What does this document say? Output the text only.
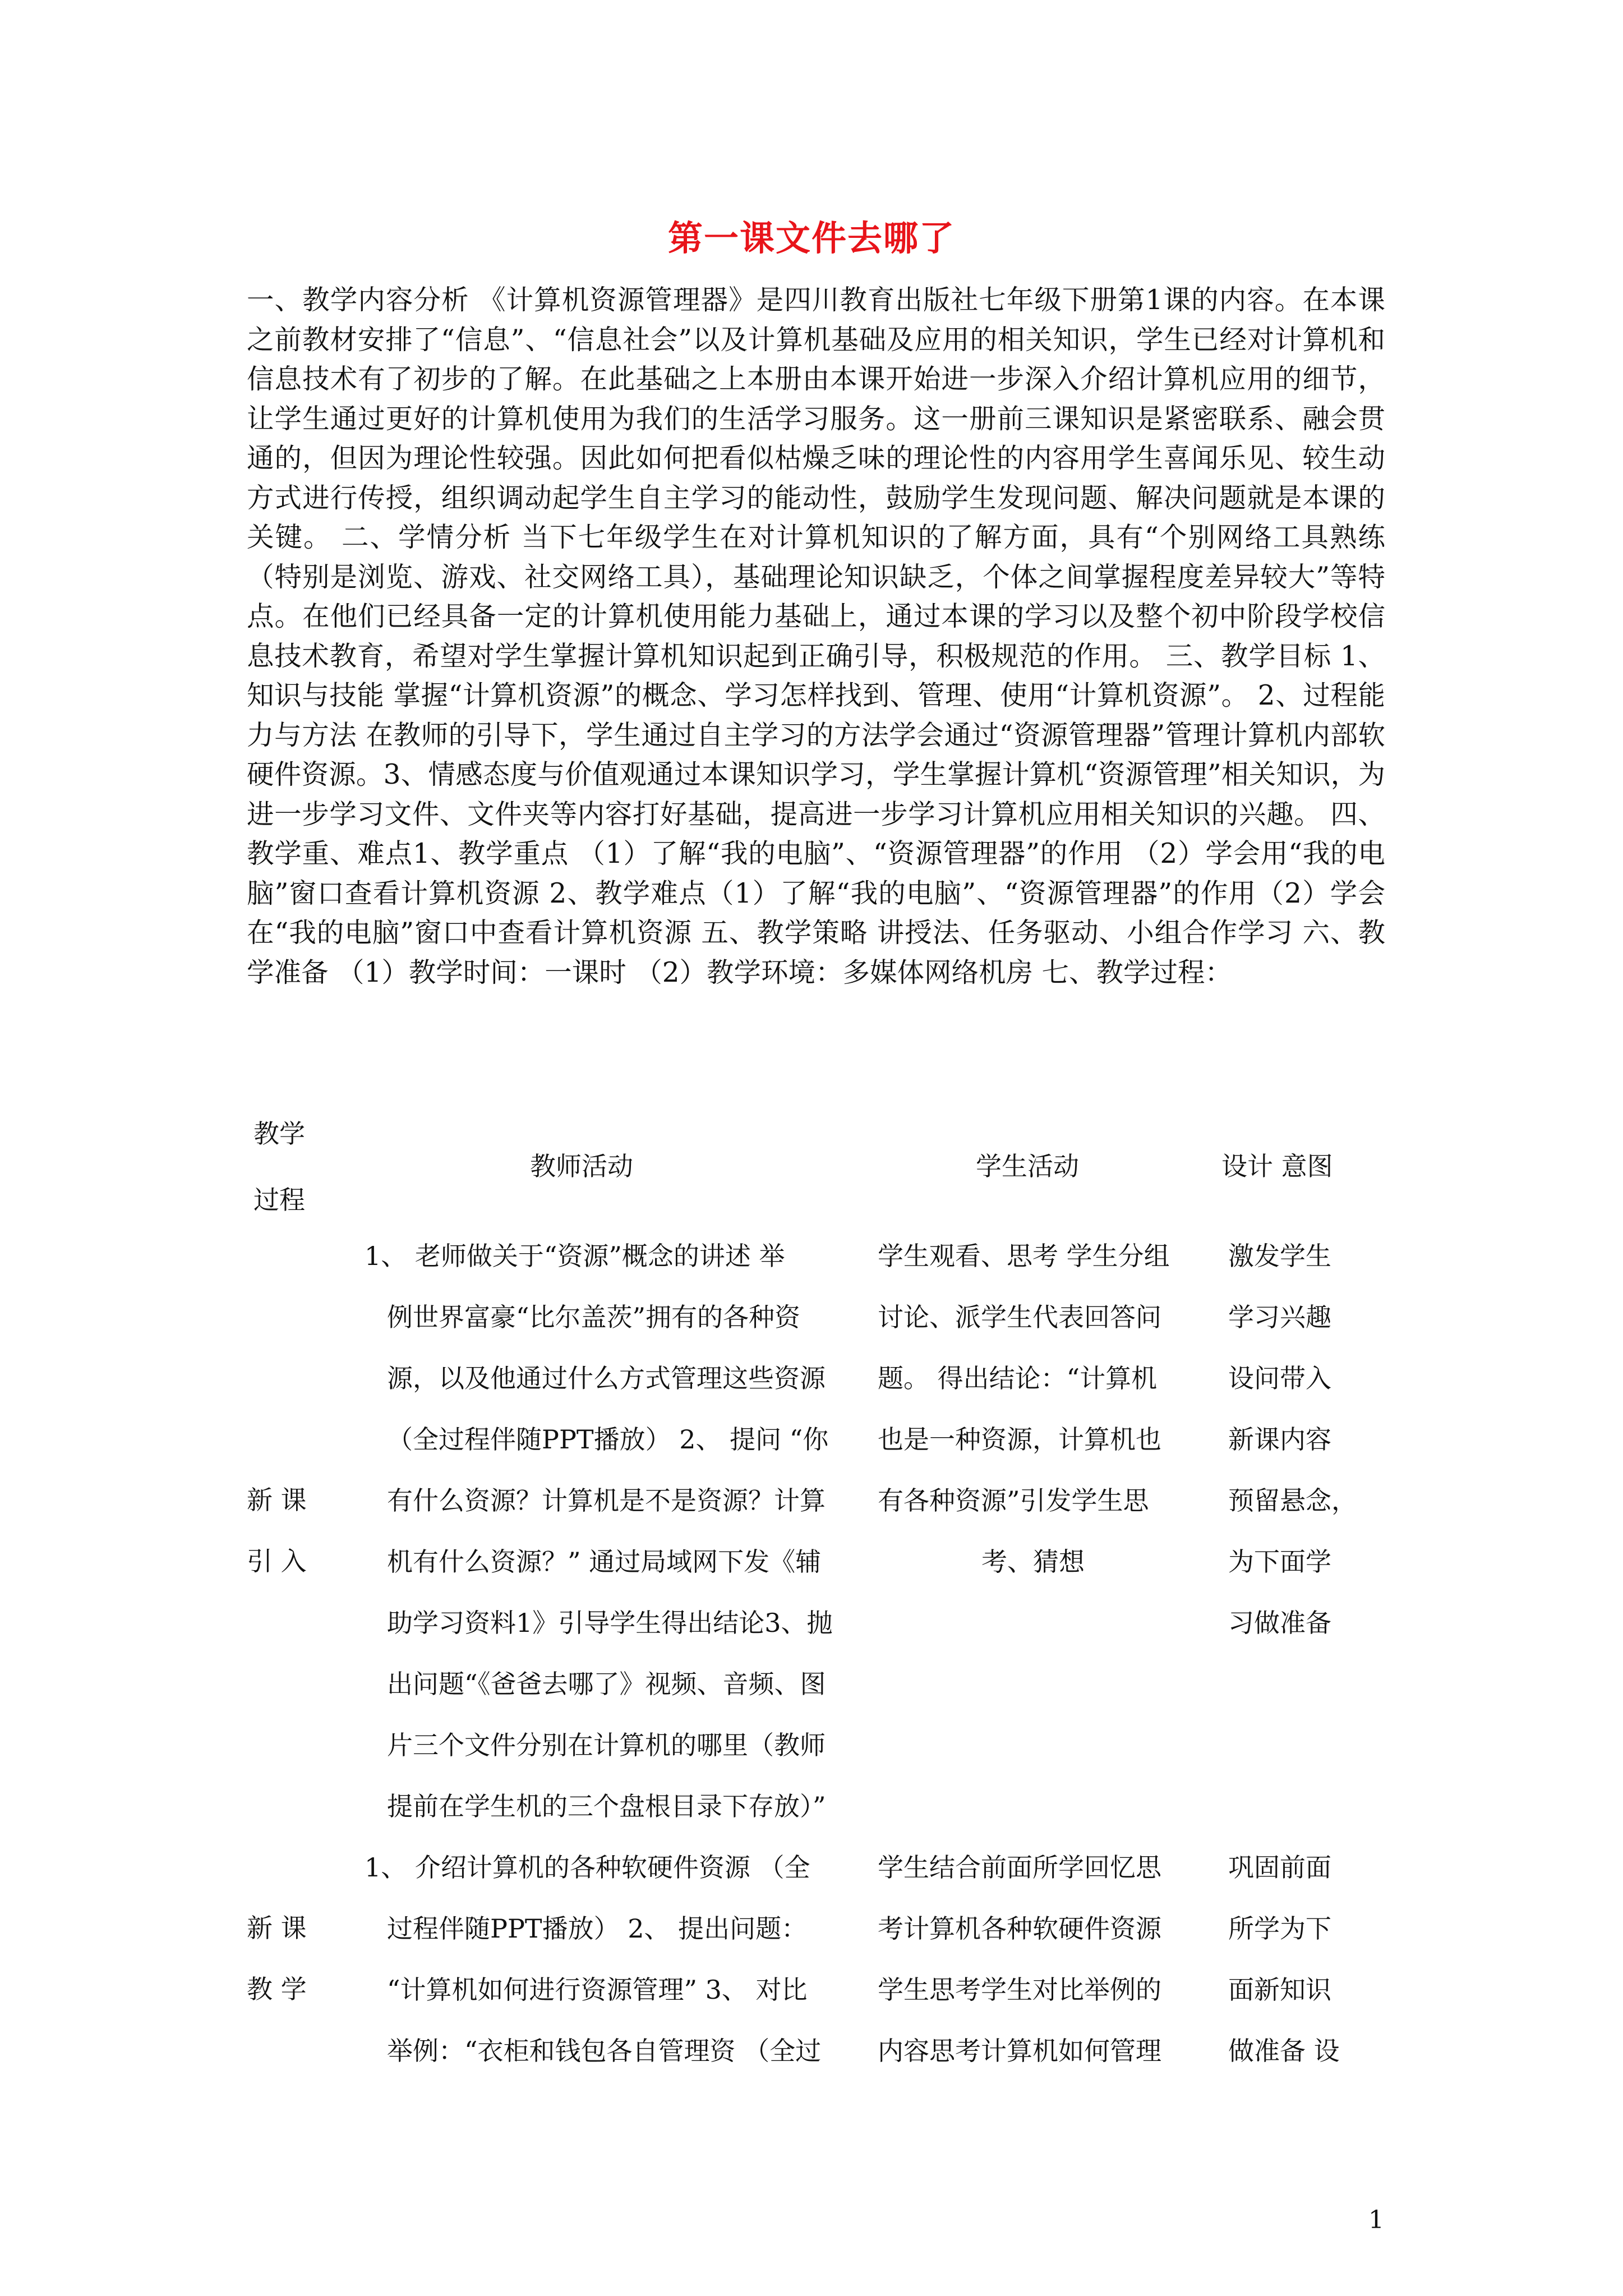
第一课文件去哪了

一、教学内容分析 《计算机资源管理器》是四川教育出版社七年级下册第1课的内容。在本课之前教材安排了“信息”、“信息社会”以及计算机基础及应用的相关知识，学生已经对计算机和信息技术有了初步的了解。在此基础之上本册由本课开始进一步深入介绍计算机应用的细节，让学生通过更好的计算机使用为我们的生活学习服务。这一册前三课知识是紧密联系、融会贯通的，但因为理论性较强。因此如何把看似枯燥乏味的理论性的内容用学生喜闻乐见、较生动方式进行传授，组织调动起学生自主学习的能动性，鼓励学生发现问题、解决问题就是本课的关键。 二、学情分析 当下七年级学生在对计算机知识的了解方面，具有“个别网络工具熟练（特别是浏览、游戏、社交网络工具），基础理论知识缺乏，个体之间掌握程度差异较大”等特点。在他们已经具备一定的计算机使用能力基础上，通过本课的学习以及整个初中阶段学校信息技术教育，希望对学生掌握计算机知识起到正确引导，积极规范的作用。 三、教学目标 1、知识与技能 掌握“计算机资源”的概念、学习怎样找到、管理、使用“计算机资源”。 2、过程能力与方法 在教师的引导下，学生通过自主学习的方法学会通过“资源管理器”管理计算机内部软硬件资源。3、情感态度与价值观通过本课知识学习，学生掌握计算机“资源管理”相关知识，为进一步学习文件、文件夹等内容打好基础，提高进一步学习计算机应用相关知识的兴趣。 四、教学重、难点1、教学重点 （1）了解“我的电脑”、“资源管理器”的作用 （2）学会用“我的电脑”窗口查看计算机资源 2、教学难点（1）了解“我的电脑”、“资源管理器”的作用（2）学会在“我的电脑”窗口中查看计算机资源 五、教学策略 讲授法、任务驱动、小组合作学习 六、教学准备 （1）教学时间：一课时 （2）教学环境：多媒体网络机房 七、教学过程：

教学
过程
教师活动	学生活动	设计 意图
新 课
引 入
1、 老师做关于“资源”概念的讲述 举
例世界富豪“比尔盖茨”拥有的各种资
源，以及他通过什么方式管理这些资源
（全过程伴随PPT播放） 2、 提问 “你
有什么资源？计算机是不是资源？计算
机有什么资源？” 通过局域网下发《辅
助学习资料1》引导学生得出结论3、抛
出问题“《爸爸去哪了》视频、音频、图
片三个文件分别在计算机的哪里（教师
提前在学生机的三个盘根目录下存放）”
学生观看、思考 学生分组
讨论、派学生代表回答问
题。 得出结论：“计算机
也是一种资源，计算机也
有各种资源”引发学生思
考、猜想
激发学生
学习兴趣
设问带入
新课内容
预留悬念，
为下面学
习做准备
新 课
教 学
1、 介绍计算机的各种软硬件资源 （全
过程伴随PPT播放） 2、 提出问题：
“计算机如何进行资源管理” 3、 对比
举例：“衣柜和钱包各自管理资 （全过
学生结合前面所学回忆思
考计算机各种软硬件资源
学生思考学生对比举例的
内容思考计算机如何管理
巩固前面
所学为下
面新知识
做准备 设
1
